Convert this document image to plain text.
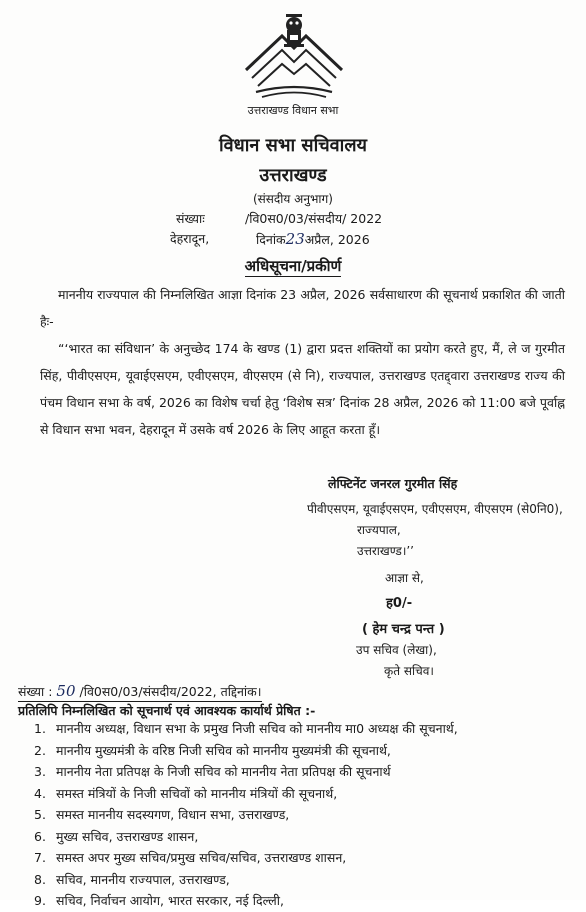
उत्तराखण्ड विधान सभा
विधान सभा सचिवालय
उत्तराखण्ड
(संसदीय अनुभाग)
संख्याः	/वि0स0/03/संसदीय/ 2022
देहरादून,	दिनांक23अप्रैल, 2026
अधिसूचना/प्रकीर्ण
माननीय राज्यपाल की निम्नलिखित आज्ञा दिनांक 23 अप्रैल, 2026 सर्वसाधारण की सूचनार्थ प्रकाशित की जाती हैः-
“‘भारत का संविधान’ के अनुच्छेद 174 के खण्ड (1) द्वारा प्रदत्त शक्तियों का प्रयोग करते हुए, मैं, ले ज गुरमीत सिंह, पीवीएसएम, यूवाईएसएम, एवीएसएम, वीएसएम (से नि), राज्यपाल, उत्तराखण्ड एतद्द्वारा उत्तराखण्ड राज्य की पंचम विधान सभा के वर्ष, 2026 का विशेष चर्चा हेतु ‘विशेष सत्र’ दिनांक 28 अप्रैल, 2026 को 11:00 बजे पूर्वाह्न से विधान सभा भवन, देहरादून में उसके वर्ष 2026 के लिए आहूत करता हूँ।
लेफ्टिनेंट जनरल गुरमीत सिंह
पीवीएसएम, यूवाईएसएम, एवीएसएम, वीएसएम (से0नि0),
राज्यपाल,
उत्तराखण्ड।’’
आज्ञा से,
ह0/-
( हेम चन्द्र पन्त )
उप सचिव (लेखा),
कृते सचिव।
संख्या : 50 /वि0स0/03/संसदीय/2022, तद्दिनांक।
प्रतिलिपि निम्नलिखित को सूचनार्थ एवं आवश्यक कार्यार्थ प्रेषित :-
1. माननीय अध्यक्ष, विधान सभा के प्रमुख निजी सचिव को माननीय मा0 अध्यक्ष की सूचनार्थ,
2. माननीय मुख्यमंत्री के वरिष्ठ निजी सचिव को माननीय मुख्यमंत्री की सूचनार्थ,
3. माननीय नेता प्रतिपक्ष के निजी सचिव को माननीय नेता प्रतिपक्ष की सूचनार्थ
4. समस्त मंत्रियों के निजी सचिवों को माननीय मंत्रियों की सूचनार्थ,
5. समस्त माननीय सदस्यगण, विधान सभा, उत्तराखण्ड,
6. मुख्य सचिव, उत्तराखण्ड शासन,
7. समस्त अपर मुख्य सचिव/प्रमुख सचिव/सचिव, उत्तराखण्ड शासन,
8. सचिव, माननीय राज्यपाल, उत्तराखण्ड,
9. सचिव, निर्वाचन आयोग, भारत सरकार, नई दिल्ली,
